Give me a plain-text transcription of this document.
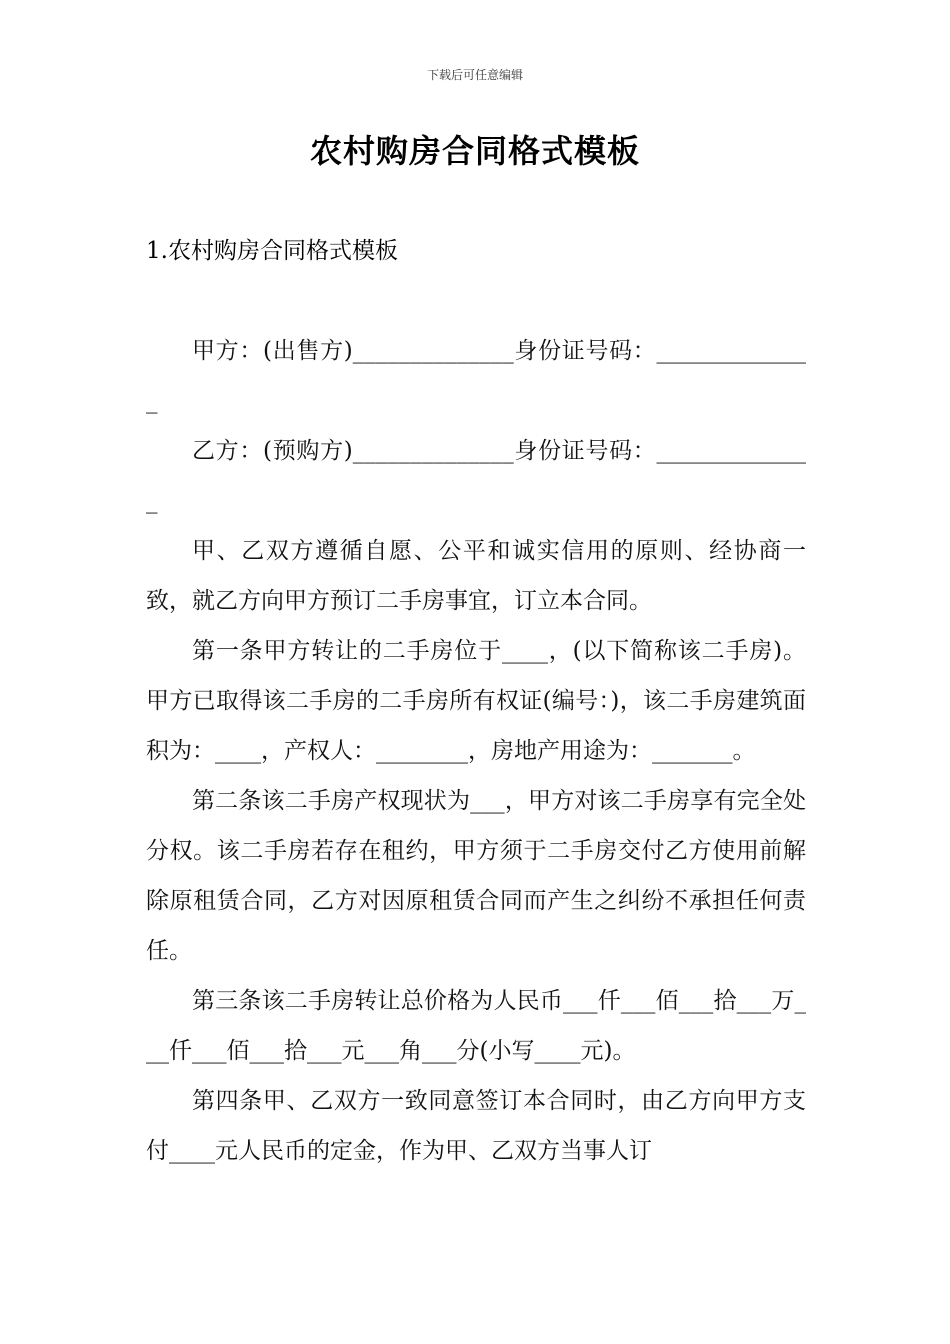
下载后可任意编辑
农村购房合同格式模板
1.农村购房合同格式模板

甲方：(出售方)______________身份证号码：______________

乙方：(预购方)______________身份证号码：______________

甲、乙双方遵循自愿、公平和诚实信用的原则、经协商一致，就乙方向甲方预订二手房事宜，订立本合同。

第一条甲方转让的二手房位于____，(以下简称该二手房)。甲方已取得该二手房的二手房所有权证(编号：)，该二手房建筑面积为：____，产权人：________，房地产用途为：_______。

第二条该二手房产权现状为___，甲方对该二手房享有完全处分权。该二手房若存在租约，甲方须于二手房交付乙方使用前解除原租赁合同，乙方对因原租赁合同而产生之纠纷不承担任何责任。

第三条该二手房转让总价格为人民币___仟___佰___拾___万___仟___佰___拾___元___角___分(小写____元)。

第四条甲、乙双方一致同意签订本合同时，由乙方向甲方支付____元人民币的定金，作为甲、乙双方当事人订
